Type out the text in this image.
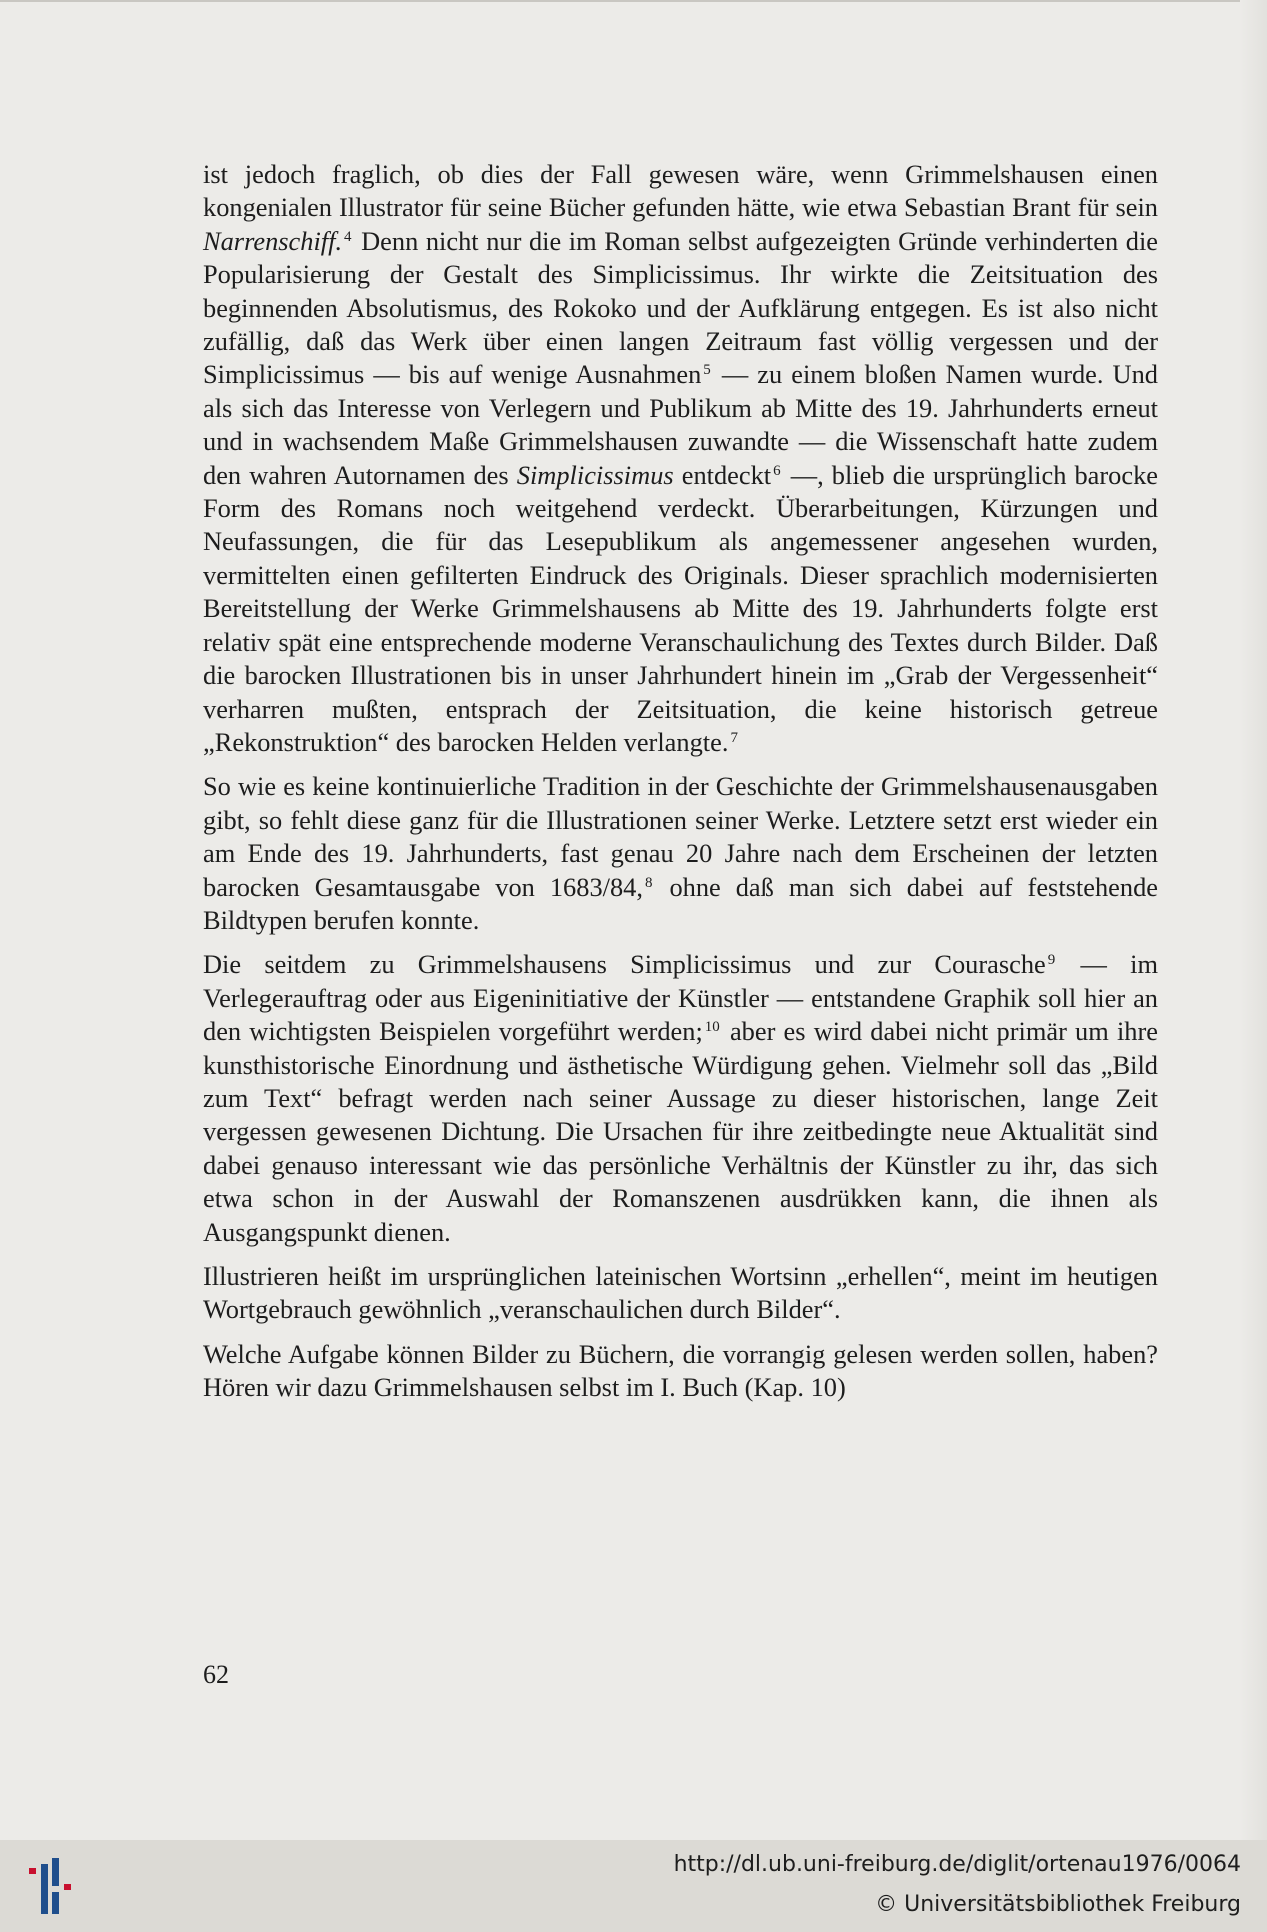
ist jedoch fraglich, ob dies der Fall gewesen wäre, wenn Grimmelshausen einen kongenialen Illustrator für seine Bücher gefunden hätte, wie etwa Sebastian Brant für sein Narrenschiff. $^4$ Denn nicht nur die im Roman selbst aufgezeigten Gründe verhinderten die Popularisierung der Gestalt des Simplicissimus. Ihr wirkte die Zeitsituation des beginnenden Absolutismus, des Rokoko und der Aufklärung entgegen. Es ist also nicht zufällig, daß das Werk über einen langen Zeitraum fast völlig vergessen und der Simplicissimus — bis auf wenige Ausnahmen $^5$ — zu einem bloßen Namen wurde. Und als sich das Interesse von Verlegern und Publikum ab Mitte des 19. Jahrhunderts erneut und in wachsendem Maße Grimmelshausen zuwandte — die Wissenschaft hatte zudem den wahren Autornamen des Simplicissimus entdeckt $^6$ —, blieb die ursprünglich barocke Form des Romans noch weitgehend verdeckt. Überarbeitungen, Kürzungen und Neufassungen, die für das Lesepublikum als angemessener angesehen wurden, vermittelten einen gefilterten Eindruck des Originals. Dieser sprachlich modernisierten Bereitstellung der Werke Grimmelshausens ab Mitte des 19. Jahrhunderts folgte erst relativ spät eine entsprechende moderne Veranschaulichung des Textes durch Bilder. Daß die barocken Illustrationen bis in unser Jahrhundert hinein im „Grab der Vergessenheit“ verharren mußten, entsprach der Zeitsituation, die keine historisch getreue „Rekonstruktion“ des barocken Helden verlangte. $^7$

So wie es keine kontinuierliche Tradition in der Geschichte der Grimmelshausenausgaben gibt, so fehlt diese ganz für die Illustrationen seiner Werke. Letztere setzt erst wieder ein am Ende des 19. Jahrhunderts, fast genau 20 Jahre nach dem Erscheinen der letzten barocken Gesamtausgabe von 1683/84, $^8$ ohne daß man sich dabei auf feststehende Bildtypen berufen konnte.

Die seitdem zu Grimmelshausens Simplicissimus und zur Courasche $^9$ — im Verlegerauftrag oder aus Eigeninitiative der Künstler — entstandene Graphik soll hier an den wichtigsten Beispielen vorgeführt werden; $^{10}$ aber es wird dabei nicht primär um ihre kunsthistorische Einordnung und ästhetische Würdigung gehen. Vielmehr soll das „Bild zum Text“ befragt werden nach seiner Aussage zu dieser historischen, lange Zeit vergessen gewesenen Dichtung. Die Ursachen für ihre zeitbedingte neue Aktualität sind dabei genauso interessant wie das persönliche Verhältnis der Künstler zu ihr, das sich etwa schon in der Auswahl der Romanszenen ausdrükken kann, die ihnen als Ausgangspunkt dienen.

Illustrieren heißt im ursprünglichen lateinischen Wortsinn „erhellen“, meint im heutigen Wortgebrauch gewöhnlich „veranschaulichen durch Bilder“.

Welche Aufgabe können Bilder zu Büchern, die vorrangig gelesen werden sollen, haben? Hören wir dazu Grimmelshausen selbst im I. Buch (Kap. 10)

62
http://dl.ub.uni-freiburg.de/diglit/ortenau1976/0064
© Universitätsbibliothek Freiburg
